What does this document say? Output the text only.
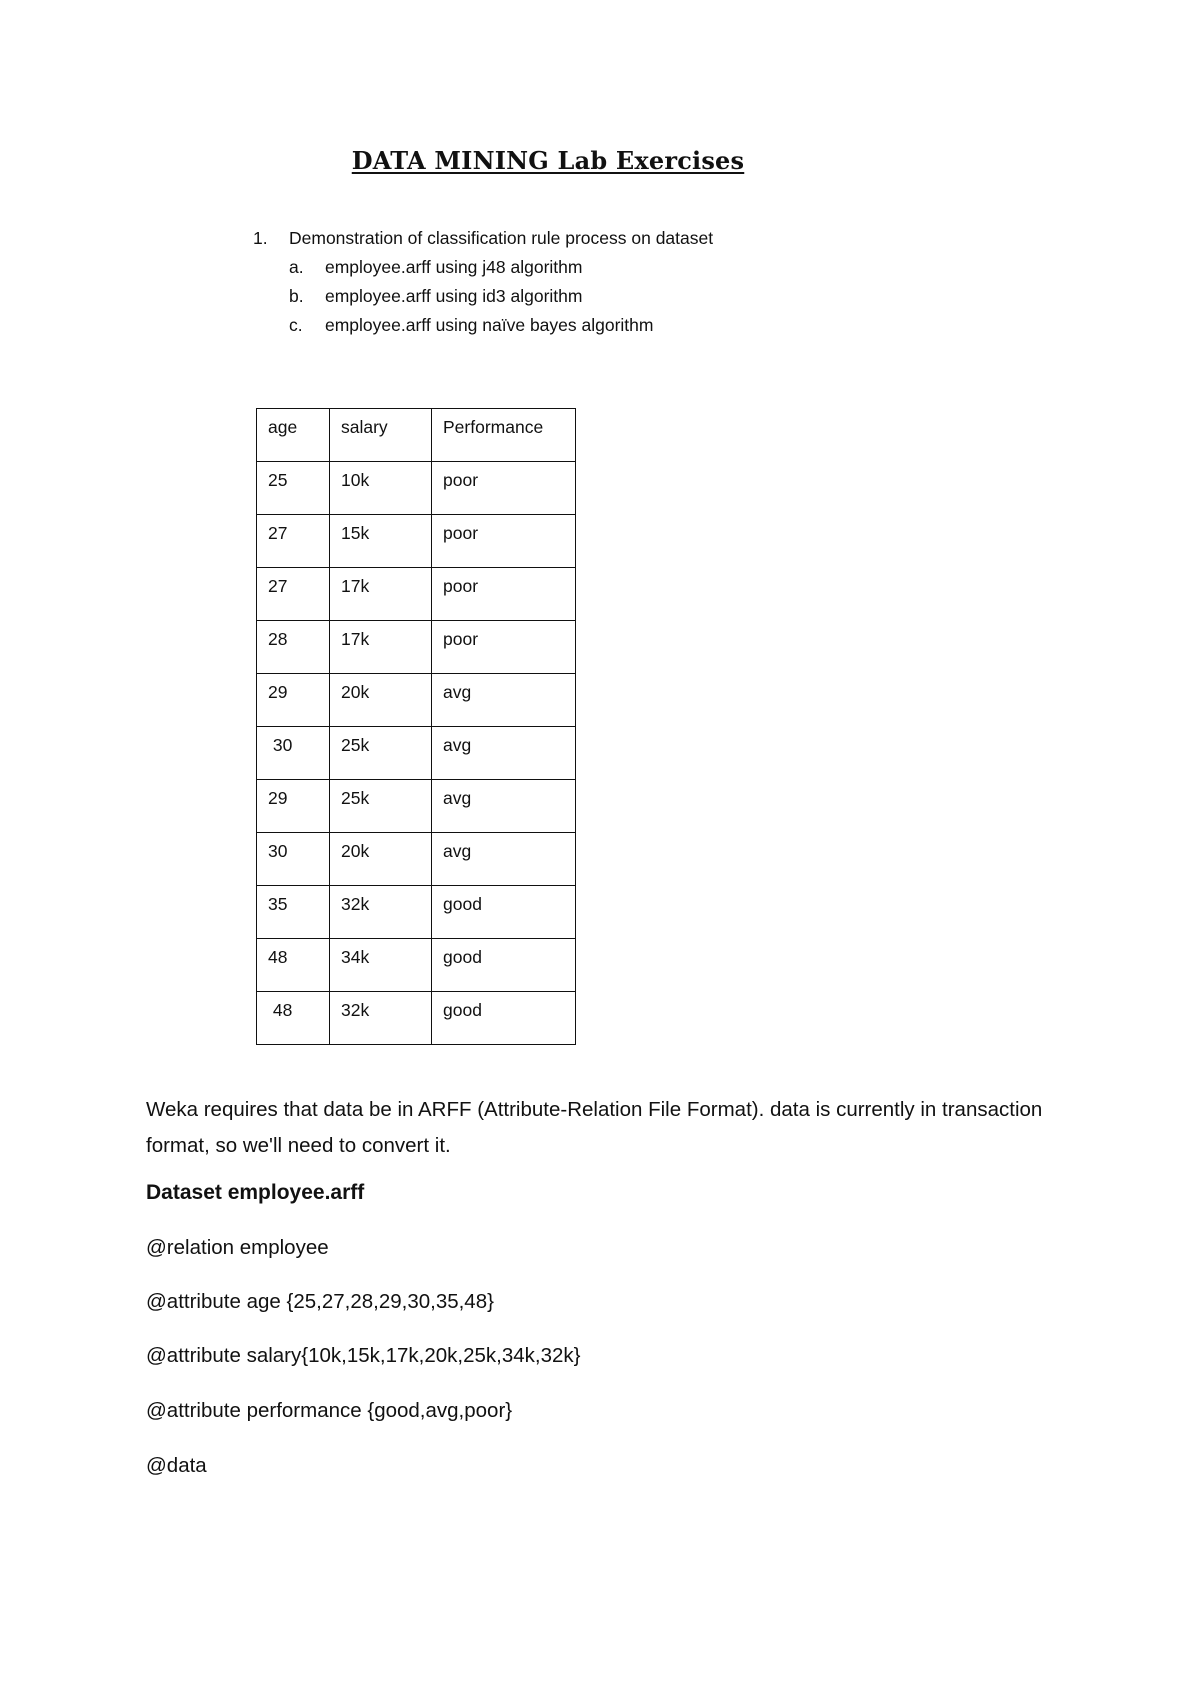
DATA MINING Lab Exercises
1.	Demonstration of classification rule process on dataset
a.	employee.arff using j48 algorithm
b.	employee.arff using id3 algorithm
c.	employee.arff using naïve bayes algorithm
age	salary	Performance
25	10k	poor
27	15k	poor
27	17k	poor
28	17k	poor
29	20k	avg
30	25k	avg
29	25k	avg
30	20k	avg
35	32k	good
48	34k	good
48	32k	good
Weka requires that data be in ARFF (Attribute-Relation File Format). data is currently in transaction format, so we'll need to convert it.
Dataset employee.arff
@relation employee
@attribute age {25,27,28,29,30,35,48}
@attribute salary{10k,15k,17k,20k,25k,34k,32k}
@attribute performance {good,avg,poor}
@data
